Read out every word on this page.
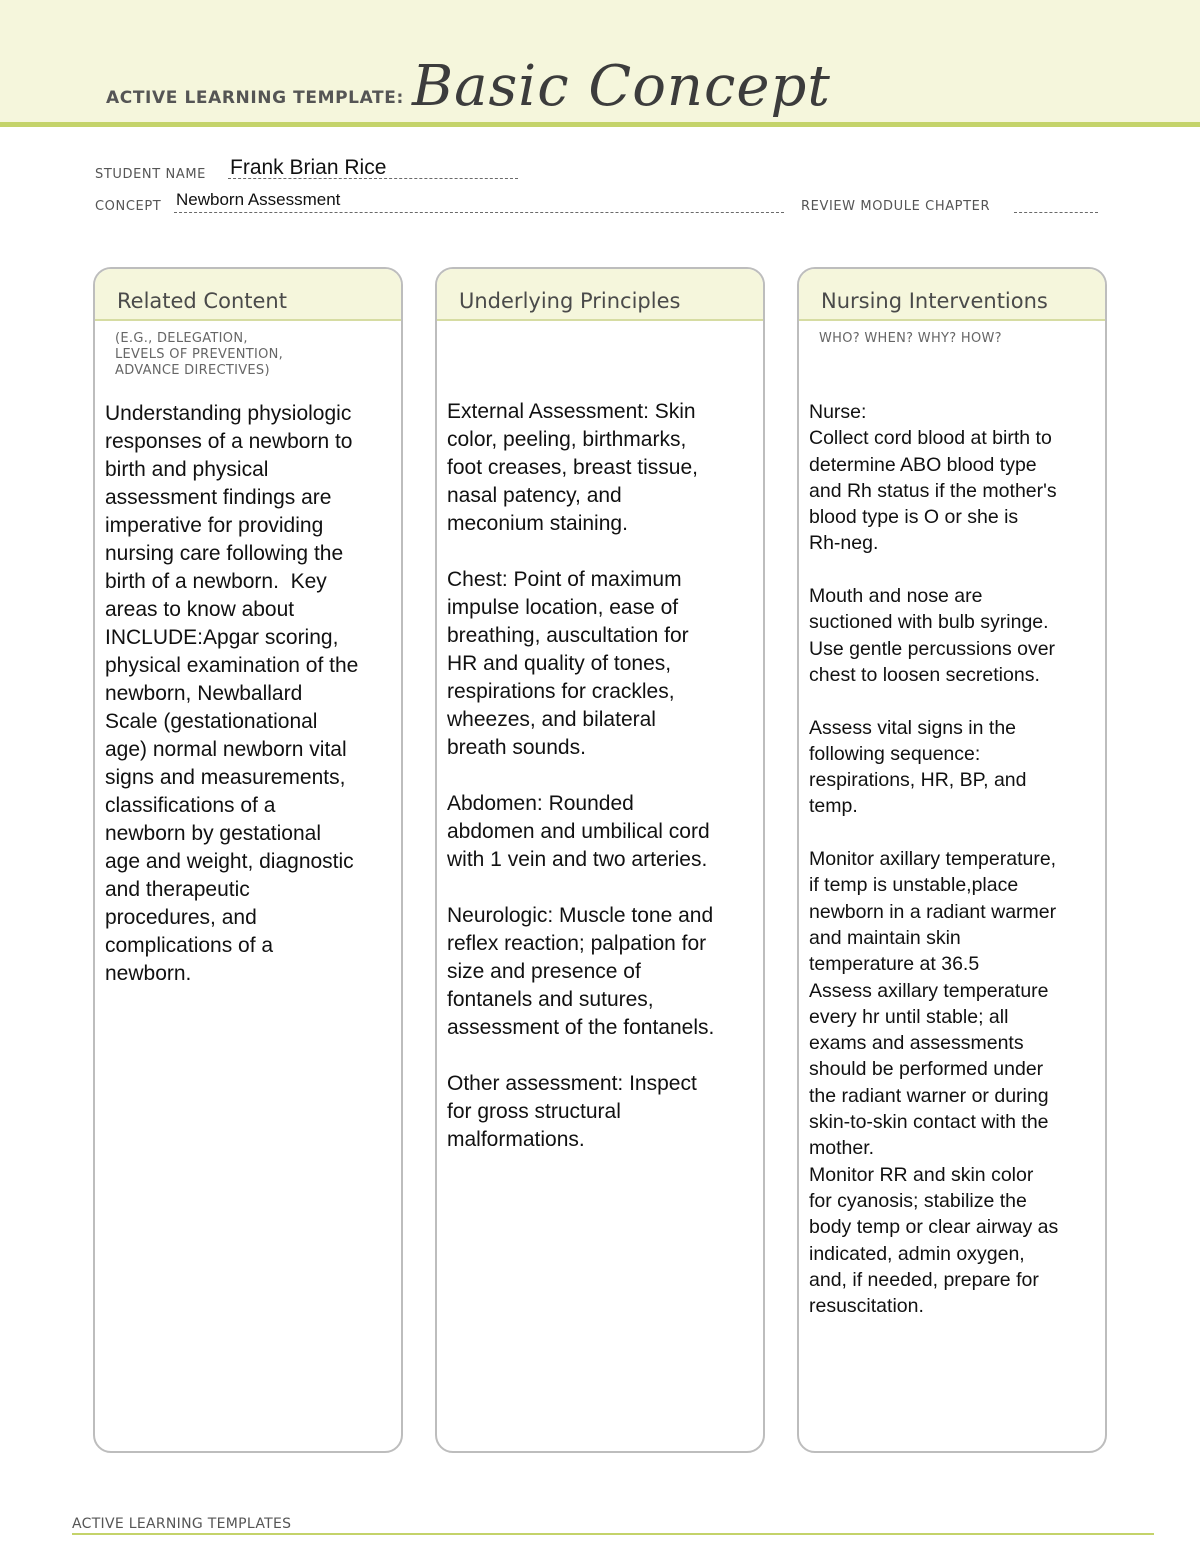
ACTIVE LEARNING TEMPLATE: Basic Concept
STUDENT NAME Frank Brian Rice
CONCEPT Newborn Assessment	REVIEW MODULE CHAPTER
Related Content
(E.G., DELEGATION,
LEVELS OF PREVENTION,
ADVANCE DIRECTIVES)
Understanding physiologic
responses of a newborn to
birth and physical
assessment findings are
imperative for providing
nursing care following the
birth of a newborn.  Key
areas to know about
INCLUDE:Apgar scoring,
physical examination of the
newborn, Newballard
Scale (gestationational
age) normal newborn vital
signs and measurements,
classifications of a
newborn by gestational
age and weight, diagnostic
and therapeutic
procedures, and
complications of a
newborn.
Underlying Principles
External Assessment: Skin
color, peeling, birthmarks,
foot creases, breast tissue,
nasal patency, and
meconium staining.

Chest: Point of maximum
impulse location, ease of
breathing, auscultation for
HR and quality of tones,
respirations for crackles,
wheezes, and bilateral
breath sounds.

Abdomen: Rounded
abdomen and umbilical cord
with 1 vein and two arteries.

Neurologic: Muscle tone and
reflex reaction; palpation for
size and presence of
fontanels and sutures,
assessment of the fontanels.

Other assessment: Inspect
for gross structural
malformations.
Nursing Interventions
WHO? WHEN? WHY? HOW?
Nurse:
Collect cord blood at birth to
determine ABO blood type
and Rh status if the mother's
blood type is O or she is
Rh-neg.

Mouth and nose are
suctioned with bulb syringe.
Use gentle percussions over
chest to loosen secretions.

Assess vital signs in the
following sequence:
respirations, HR, BP, and
temp.

Monitor axillary temperature,
if temp is unstable,place
newborn in a radiant warmer
and maintain skin
temperature at 36.5
Assess axillary temperature
every hr until stable; all
exams and assessments
should be performed under
the radiant warner or during
skin-to-skin contact with the
mother.
Monitor RR and skin color
for cyanosis; stabilize the
body temp or clear airway as
indicated, admin oxygen,
and, if needed, prepare for
resuscitation.
ACTIVE LEARNING TEMPLATES
